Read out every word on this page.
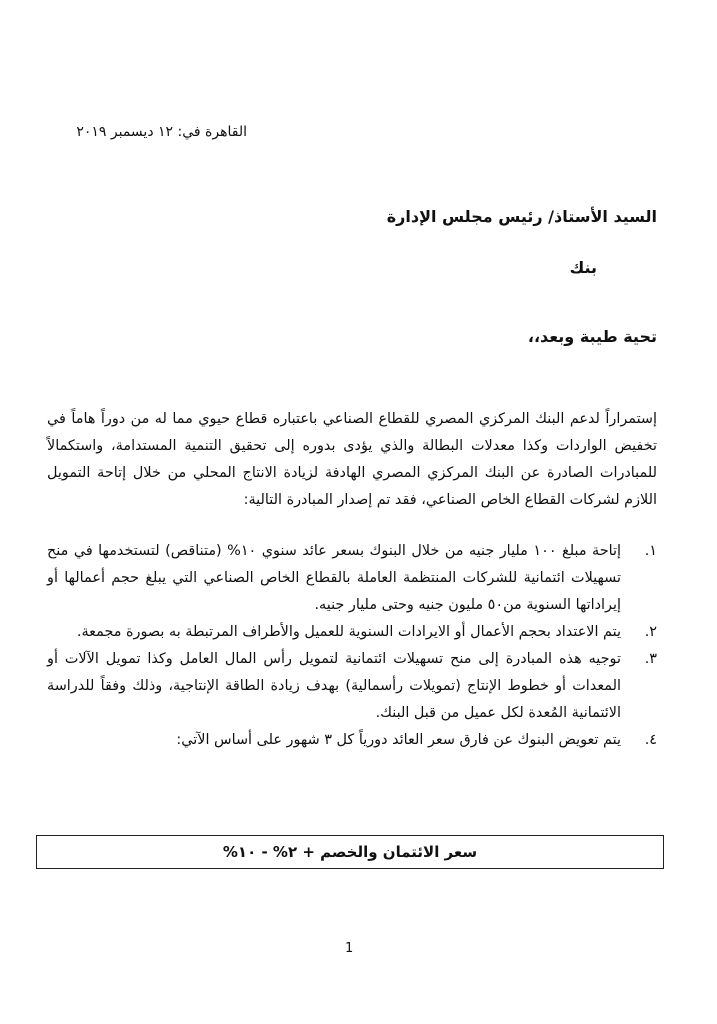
القاهرة في: ١٢ ديسمبر ٢٠١٩
السيد الأستاذ/ رئيس مجلس الإدارة
بنك
تحية طيبة وبعد،،

إستمراراً لدعم البنك المركزي المصري للقطاع الصناعي باعتباره قطاع حيوي مما له من دوراً هاماً في تخفيض الواردات وكذا معدلات البطالة والذي يؤدى بدوره إلى تحقيق التنمية المستدامة، واستكمالاً للمبادرات الصادرة عن البنك المركزي المصري الهادفة لزيادة الانتاج المحلي من خلال إتاحة التمويل اللازم لشركات القطاع الخاص الصناعي، فقد تم إصدار المبادرة التالية:

١.
إتاحة مبلغ ١٠٠ مليار جنيه من خلال البنوك بسعر عائد سنوي ١٠% (متناقص) لتستخدمها في منح تسهيلات ائتمانية للشركات المنتظمة العاملة بالقطاع الخاص الصناعي التي يبلغ حجم أعمالها أو إيراداتها السنوية من٥٠ مليون جنيه وحتى مليار جنيه.
٢.
يتم الاعتداد بحجم الأعمال أو الايرادات السنوية للعميل والأطراف المرتبطة به بصورة مجمعة.
٣.
توجيه هذه المبادرة إلى منح تسهيلات ائتمانية لتمويل رأس المال العامل وكذا تمويل الآلات أو المعدات أو خطوط الإنتاج (تمويلات رأسمالية) بهدف زيادة الطاقة الإنتاجية، وذلك وفقاً للدراسة الائتمانية المُعدة لكل عميل من قبل البنك.
٤.
يتم تعويض البنوك عن فارق سعر العائد دورياً كل ٣ شهور على أساس الآتي:
سعر الائتمان والخصم + ٢% - ١٠%
1
